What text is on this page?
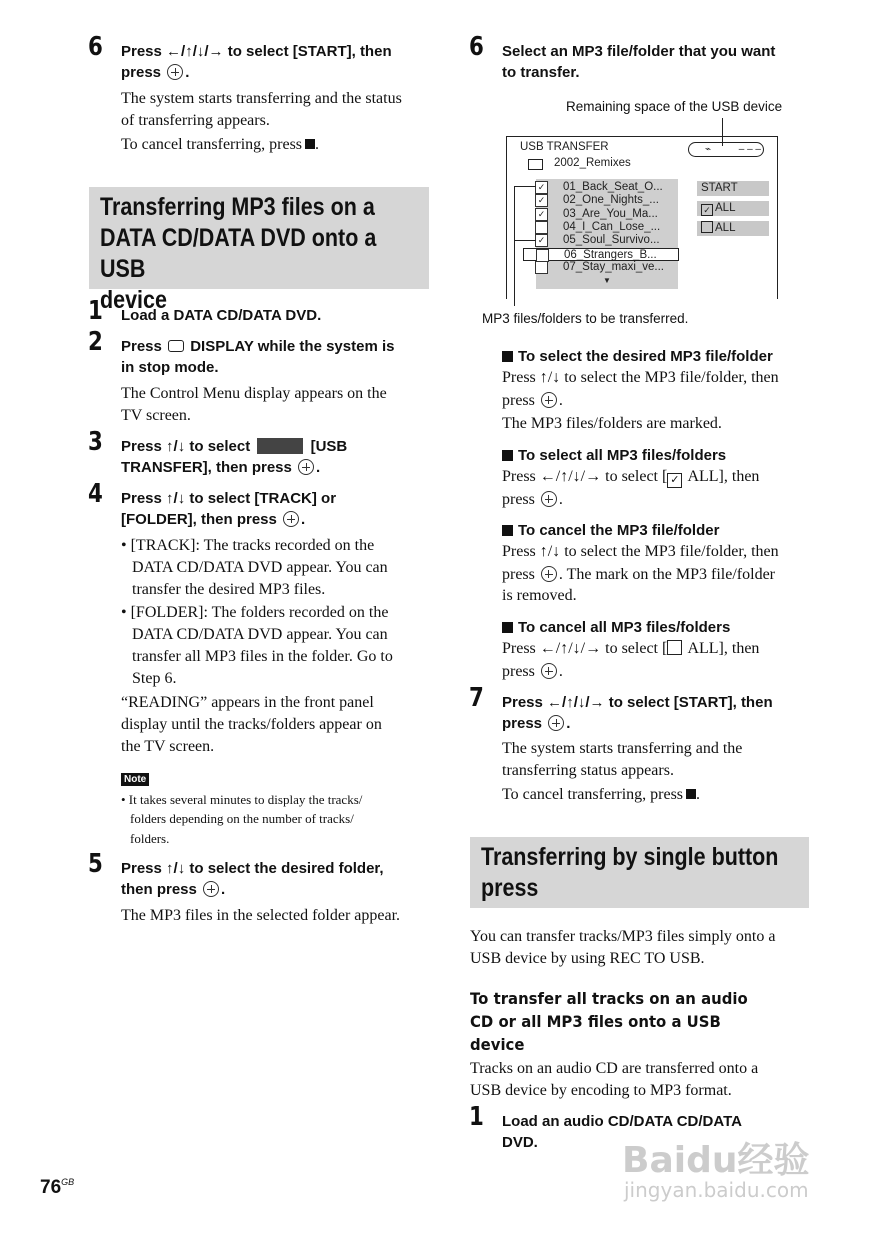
6 Press ←/↑/↓/→ to select [START], then
press .
The system starts transferring and the status
of transferring appears.
To cancel transferring, press .
Transferring MP3 files on a
DATA CD/DATA DVD onto a USB
device
1 Load a DATA CD/DATA DVD.
2 Press DISPLAY while the system is
in stop mode.
The Control Menu display appears on the
TV screen.
3 Press ↑/↓ to select	[USB
TRANSFER], then press .
4 Press ↑/↓ to select [TRACK] or
[FOLDER], then press .
• [TRACK]: The tracks recorded on the
DATA CD/DATA DVD appear. You can
transfer the desired MP3 files.
• [FOLDER]: The folders recorded on the
DATA CD/DATA DVD appear. You can
transfer all MP3 files in the folder. Go to
Step 6.
“READING” appears in the front panel
display until the tracks/folders appear on
the TV screen.
Note
• It takes several minutes to display the tracks/
folders depending on the number of tracks/
folders.
5 Press ↑/↓ to select the desired folder,
then press .
The MP3 files in the selected folder appear.
$76^{GB}$
6 Select an MP3 file/folder that you want
to transfer.
Remaining space of the USB device
USB TRANSFER	⌁	– – –
2002_Remixes
✓ 01_Back_Seat_O...
✓ 02_One_Nights_...
✓ 03_Are_You_Ma...
04_I_Can_Lose_...
✓ 05_Soul_Survivo...
06_Strangers_B...
07_Stay_maxi_ve...
▼
START
✓ ALL
ALL
MP3 files/folders to be transferred.
To select the desired MP3 file/folder
Press ↑/↓ to select the MP3 file/folder, then
press .
The MP3 files/folders are marked.
To select all MP3 files/folders
Press ←/↑/↓/→ to select [ ✓ ALL], then
press .
To cancel the MP3 file/folder
Press ↑/↓ to select the MP3 file/folder, then
press . The mark on the MP3 file/folder
is removed.
To cancel all MP3 files/folders
Press ←/↑/↓/→ to select [ ALL], then
press .
7 Press ←/↑/↓/→ to select [START], then
press .
The system starts transferring and the
transferring status appears.
To cancel transferring, press .
Transferring by single button
press
You can transfer tracks/MP3 files simply onto a
USB device by using REC TO USB.
To transfer all tracks on an audio
CD or all MP3 files onto a USB
device
Tracks on an audio CD are transferred onto a
USB device by encoding to MP3 format.
1 Load an audio CD/DATA CD/DATA
DVD. Baidu经验
jingyan.baidu.com
